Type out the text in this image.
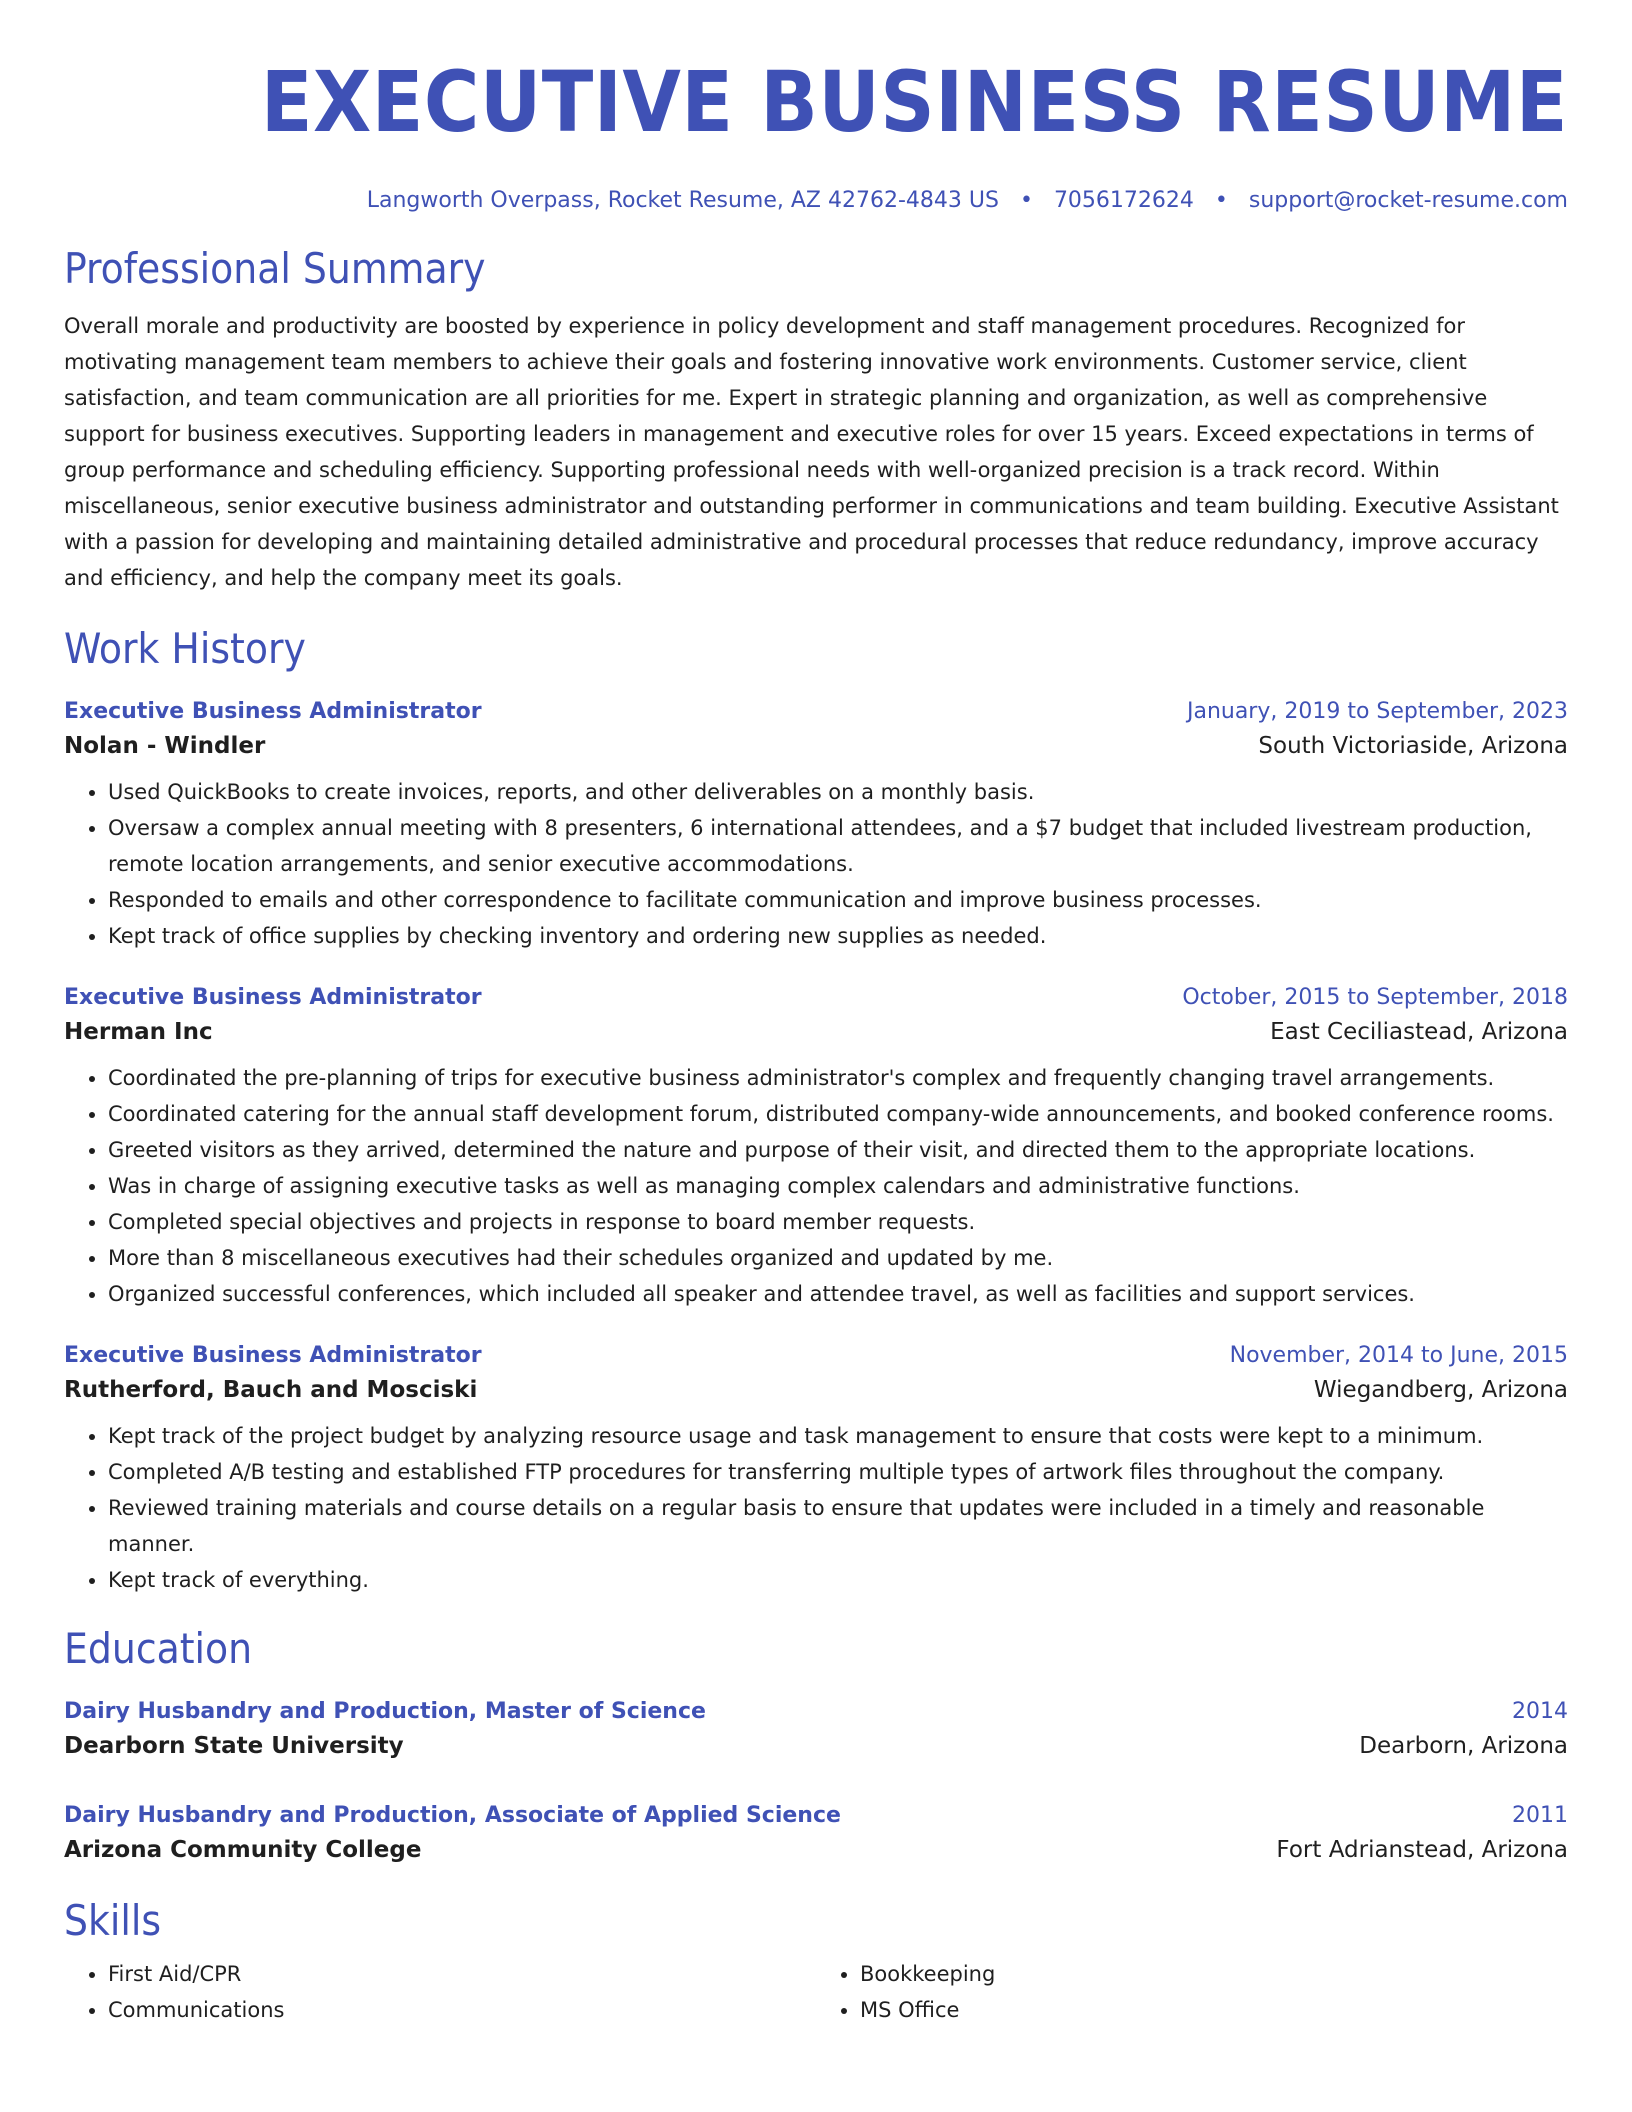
EXECUTIVE BUSINESS RESUME
Langworth Overpass, Rocket Resume, AZ 42762-4843 US • 7056172624 • support@rocket-resume.com
Professional Summary

Overall morale and productivity are boosted by experience in policy development and staff management procedures. Recognized for motivating management team members to achieve their goals and fostering innovative work environments. Customer service, client satisfaction, and team communication are all priorities for me. Expert in strategic planning and organization, as well as comprehensive support for business executives. Supporting leaders in management and executive roles for over 15 years. Exceed expectations in terms of group performance and scheduling efficiency. Supporting professional needs with well-organized precision is a track record. Within miscellaneous, senior executive business administrator and outstanding performer in communications and team building. Executive Assistant with a passion for developing and maintaining detailed administrative and procedural processes that reduce redundancy, improve accuracy and efficiency, and help the company meet its goals.

Work History
Executive Business Administrator	January, 2019 to September, 2023
Nolan - Windler	South Victoriaside, Arizona
• Used QuickBooks to create invoices, reports, and other deliverables on a monthly basis.
• Oversaw a complex annual meeting with 8 presenters, 6 international attendees, and a $7 budget that included livestream production, remote location arrangements, and senior executive accommodations.
• Responded to emails and other correspondence to facilitate communication and improve business processes.
• Kept track of office supplies by checking inventory and ordering new supplies as needed.
Executive Business Administrator	October, 2015 to September, 2018
Herman Inc	East Ceciliastead, Arizona
• Coordinated the pre-planning of trips for executive business administrator's complex and frequently changing travel arrangements.
• Coordinated catering for the annual staff development forum, distributed company-wide announcements, and booked conference rooms.
• Greeted visitors as they arrived, determined the nature and purpose of their visit, and directed them to the appropriate locations.
• Was in charge of assigning executive tasks as well as managing complex calendars and administrative functions.
• Completed special objectives and projects in response to board member requests.
• More than 8 miscellaneous executives had their schedules organized and updated by me.
• Organized successful conferences, which included all speaker and attendee travel, as well as facilities and support services.
Executive Business Administrator	November, 2014 to June, 2015
Rutherford, Bauch and Mosciski	Wiegandberg, Arizona
• Kept track of the project budget by analyzing resource usage and task management to ensure that costs were kept to a minimum.
• Completed A/B testing and established FTP procedures for transferring multiple types of artwork files throughout the company.
• Reviewed training materials and course details on a regular basis to ensure that updates were included in a timely and reasonable manner.
• Kept track of everything.
Education
Dairy Husbandry and Production, Master of Science	2014
Dearborn State University	Dearborn, Arizona
Dairy Husbandry and Production, Associate of Applied Science	2011
Arizona Community College	Fort Adrianstead, Arizona
Skills
• First Aid/CPR
• Communications
• Bookkeeping
• MS Office
